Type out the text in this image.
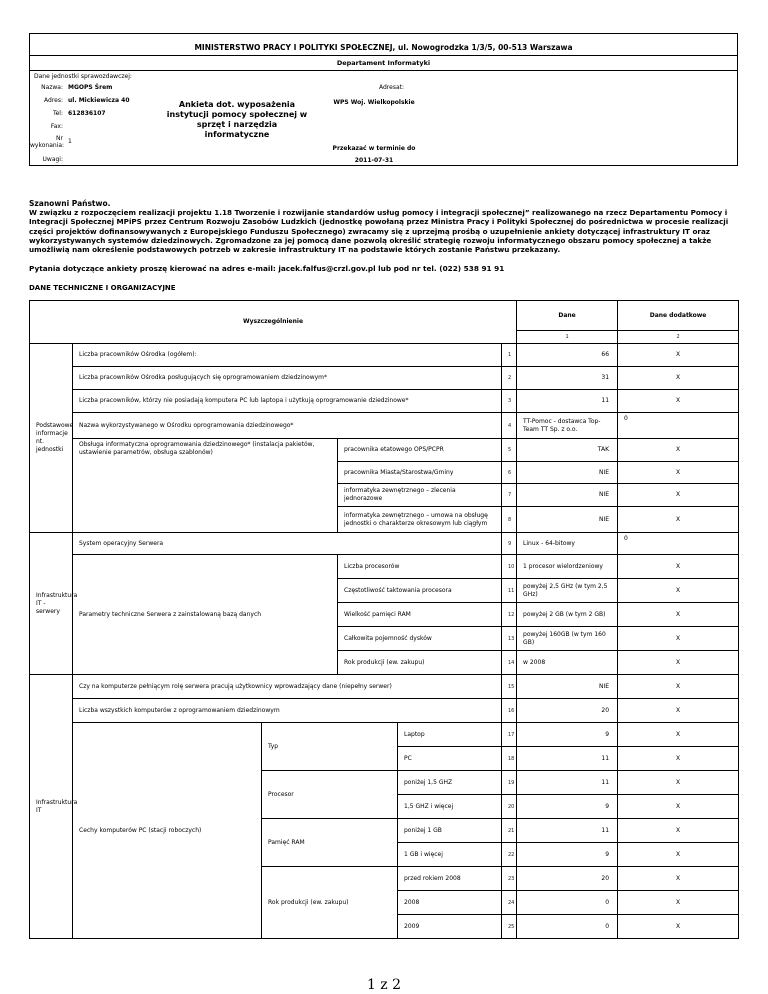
MINISTERSTWO PRACY I POLITYKI SPOŁECZNEJ, ul. Nowogrodzka 1/3/5, 00-513 Warszawa
Departament Informatyki
Dane jednostki sprawozdawczej:
Nazwa: MGOPS Śrem
Adres: ul. Mickiewicza 40
Tel: 612836107
Fax:
Nr
wykonania:
1
Uwagi:
Ankieta dot. wyposażenia instytucji pomocy społecznej w sprzęt i narzędzia informatyczne
Adresat:
WPS Woj. Wielkopolskie
Przekazać w terminie do
2011-07-31
Szanowni Państwo.
W związku z rozpoczęciem realizacji projektu 1.18 Tworzenie i rozwijanie standardów usług pomocy i integracji społecznej” realizowanego na rzecz Departamentu Pomocy i Integracji Społecznej MPiPS przez Centrum Rozwoju Zasobów Ludzkich (jednostkę powołaną przez Ministra Pracy i Polityki Społecznej do pośrednictwa w procesie realizacji części projektów dofinansowywanych z Europejskiego Funduszu Społecznego) zwracamy się z uprzejmą prośbą o uzupełnienie ankiety dotyczącej infrastruktury IT oraz wykorzystywanych systemów dziedzinowych. Zgromadzone za jej pomocą dane pozwolą określić strategię rozwoju informatycznego obszaru pomocy społecznej a także umożliwią nam określenie podstawowych potrzeb w zakresie infrastruktury IT na podstawie których zostanie Państwu przekazany.
Pytania dotyczące ankiety proszę kierować na adres e-mail: jacek.falfus@crzl.gov.pl lub pod nr tel. (022) 538 91 91
DANE TECHNICZNE I ORGANIZACYJNE
Wyszczególnienie						Dane	Dane dodatkowe
						1	2
Podstawowe informacje nt. jednostki	Liczba pracowników Ośrodka (ogółem):				1	66	X
	Liczba pracowników Ośrodka posługujących się oprogramowaniem dziedzinowym*				2	31	X
	Liczba pracowników, którzy nie posiadają komputera PC lub laptopa i użytkują oprogramowanie dziedzinowe*				3	11	X
	Nazwa wykorzystywanego w Ośrodku oprogramowania dziedzinowego*				4	TT-Pomoc - dostawca Top-Team TT Sp. z o.o.	0
	Obsługa informatyczna oprogramowania dziedzinowego* (instalacja pakietów, ustawienie parametrów, obsługa szablonów)		pracownika etatowego OPS/PCPR		5	TAK	X
			pracownika Miasta/Starostwa/Gminy		6	NIE	X
			informatyka zewnętrznego – zlecenia jednorazowe		7	NIE	X
			informatyka zewnętrznego – umowa na obsługę jednostki o charakterze okresowym lub ciągłym		8	NIE	X
Infrastruktura IT - serwery	System operacyjny Serwera				9	Linux - 64-bitowy	0
	Parametry techniczne Serwera z zainstalowaną bazą danych		Liczba procesorów		10	1 procesor wielordzeniowy	X
			Częstotliwość taktowania procesora		11	powyżej 2,5 GHz (w tym 2,5 GHz)	X
			Wielkość pamięci RAM		12	powyżej 2 GB (w tym 2 GB)	X
			Całkowita pojemność dysków		13	powyżej 160GB (w tym 160 GB)	X
			Rok produkcji (ew. zakupu)		14	w 2008	X
Infrastruktura IT	Czy na komputerze pełniącym rolę serwera pracują użytkownicy wprowadzający dane (niepełny serwer)				15	NIE	X
	Liczba wszystkich komputerów z oprogramowaniem dziedzinowym				16	20	X
	Cechy komputerów PC (stacji roboczych)	Typ		Laptop	17	9	X
				PC	18	11	X
		Procesor		poniżej 1,5 GHZ	19	11	X
				1,5 GHZ i więcej	20	9	X
		Pamięć RAM		poniżej 1 GB	21	11	X
				1 GB i więcej	22	9	X
		Rok produkcji (ew. zakupu)		przed rokiem 2008	23	20	X
				2008	24	0	X
				2009	25	0	X
1 z 2
